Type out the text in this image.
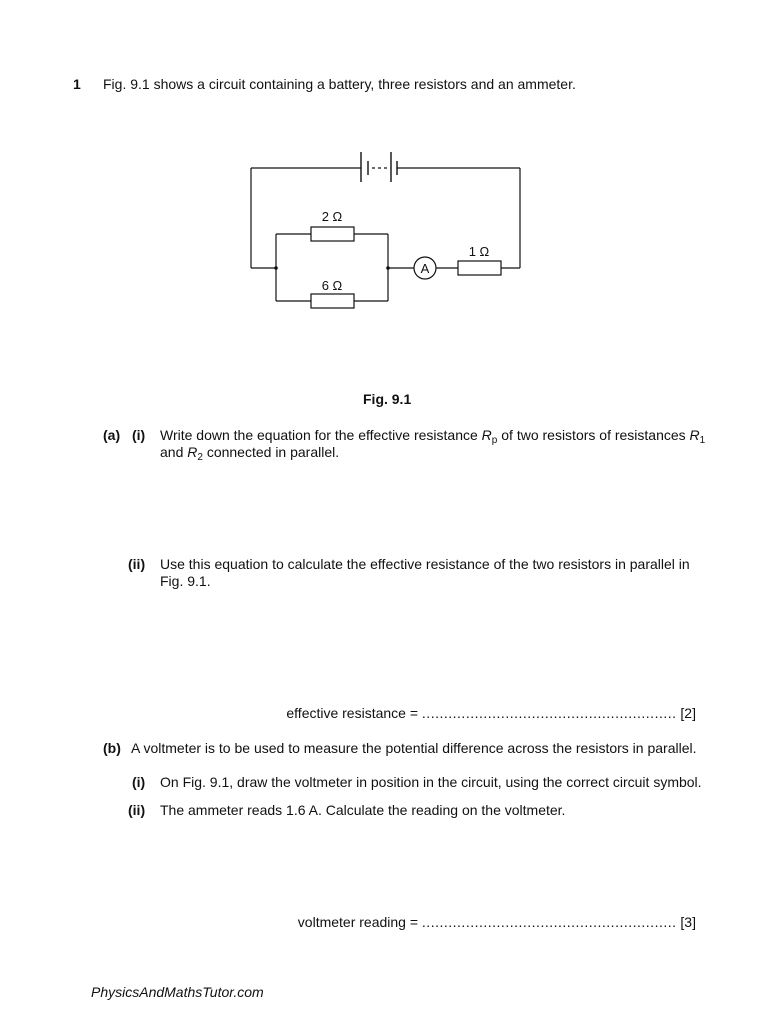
1 Fig. 9.1 shows a circuit containing a battery, three resistors and an ammeter.
2 Ω
6 Ω
1 Ω
A
Fig. 9.1
(a) (i) Write down the equation for the effective resistance $R_p$ of two resistors of resistances $R_1$
and $R_2$ connected in parallel.
(ii) Use this equation to calculate the effective resistance of the two resistors in parallel in
Fig. 9.1.
effective resistance = .......................................................... [2]
(b) A voltmeter is to be used to measure the potential difference across the resistors in parallel.
(i) On Fig. 9.1, draw the voltmeter in position in the circuit, using the correct circuit symbol.
(ii) The ammeter reads 1.6 A. Calculate the reading on the voltmeter.
voltmeter reading = .......................................................... [3]
PhysicsAndMathsTutor.com
